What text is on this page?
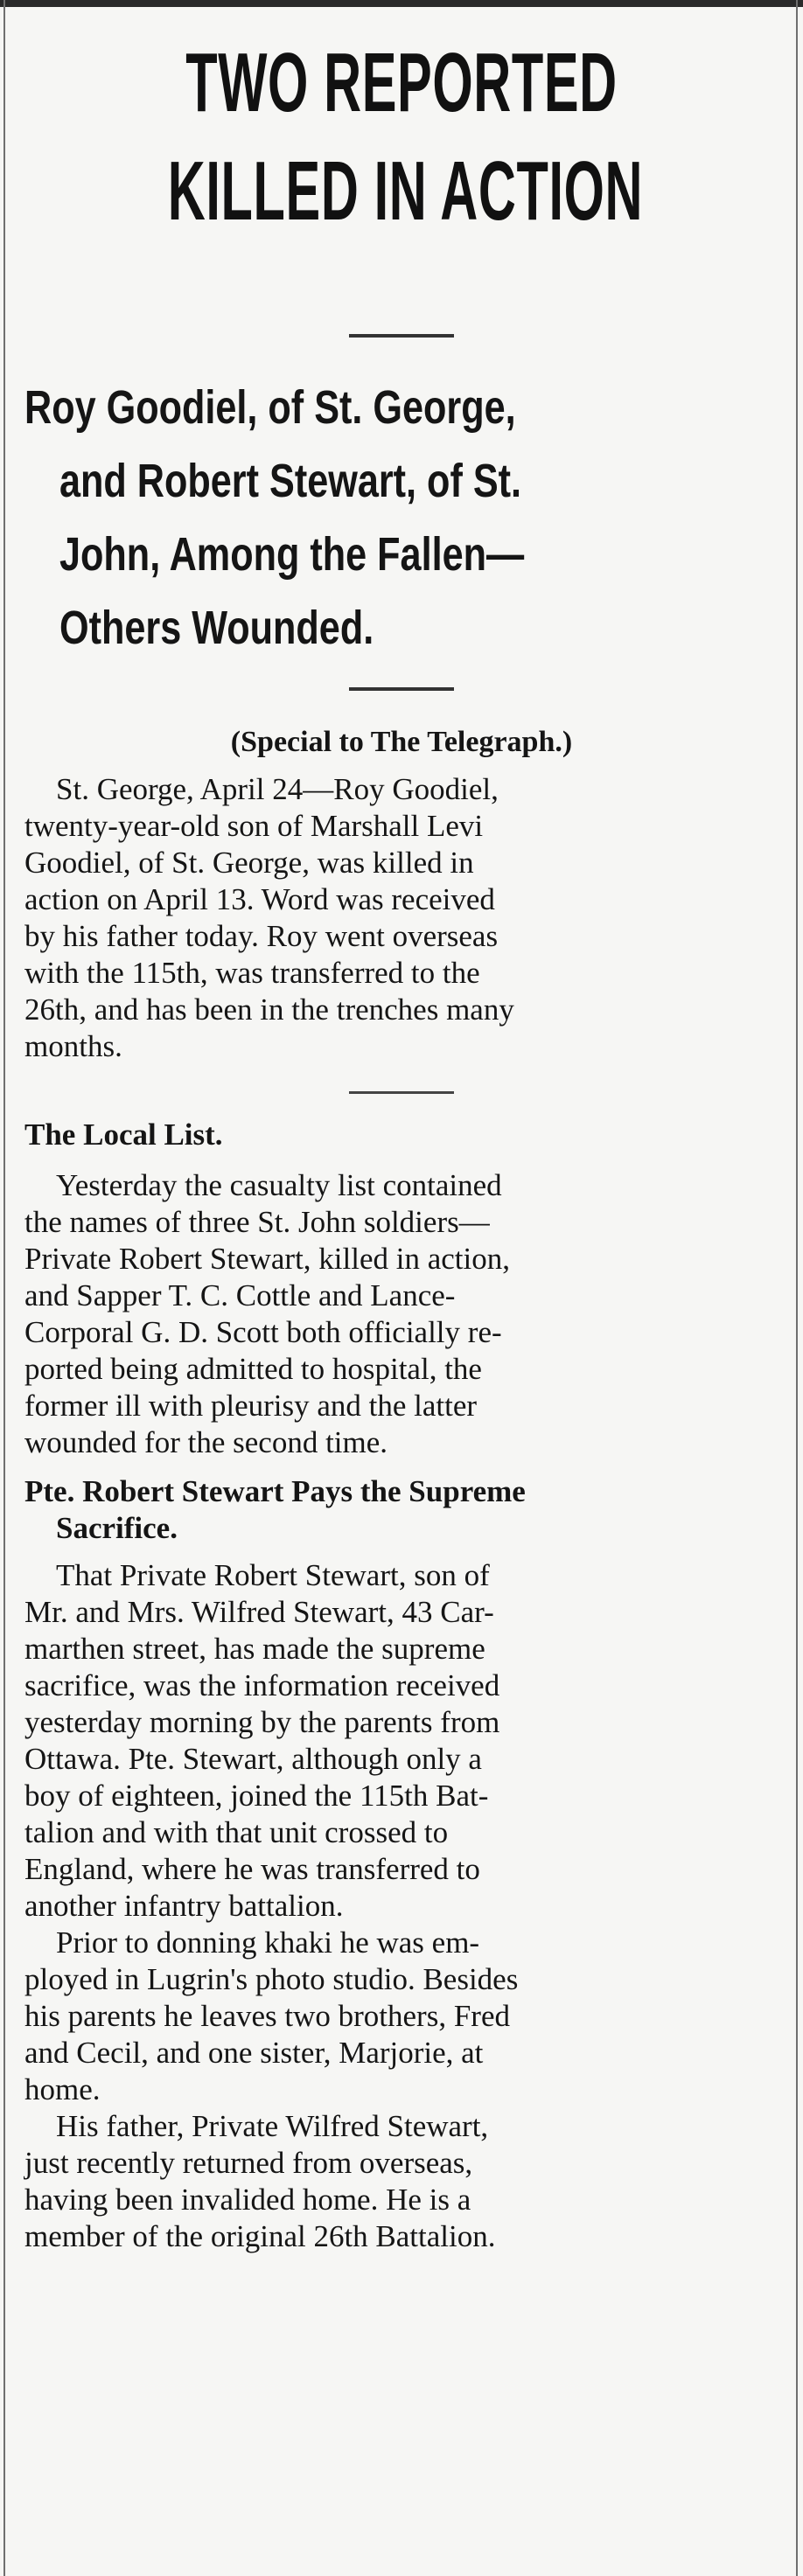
TWO REPORTED
KILLED IN ACTION
Roy Goodiel, of St. George,
and Robert Stewart, of St.
John, Among the Fallen—
Others Wounded.
(Special to The Telegraph.)
St. George, April 24—Roy Goodiel,
twenty-year-old son of Marshall Levi
Goodiel, of St. George, was killed in
action on April 13. Word was received
by his father today. Roy went overseas
with the 115th, was transferred to the
26th, and has been in the trenches many
months.
The Local List.
Yesterday the casualty list contained
the names of three St. John soldiers—
Private Robert Stewart, killed in action,
and Sapper T. C. Cottle and Lance-
Corporal G. D. Scott both officially re-
ported being admitted to hospital, the
former ill with pleurisy and the latter
wounded for the second time.
Pte. Robert Stewart Pays the Supreme
Sacrifice.
That Private Robert Stewart, son of
Mr. and Mrs. Wilfred Stewart, 43 Car-
marthen street, has made the supreme
sacrifice, was the information received
yesterday morning by the parents from
Ottawa. Pte. Stewart, although only a
boy of eighteen, joined the 115th Bat-
talion and with that unit crossed to
England, where he was transferred to
another infantry battalion.
Prior to donning khaki he was em-
ployed in Lugrin's photo studio. Besides
his parents he leaves two brothers, Fred
and Cecil, and one sister, Marjorie, at
home.
His father, Private Wilfred Stewart,
just recently returned from overseas,
having been invalided home. He is a
member of the original 26th Battalion.
